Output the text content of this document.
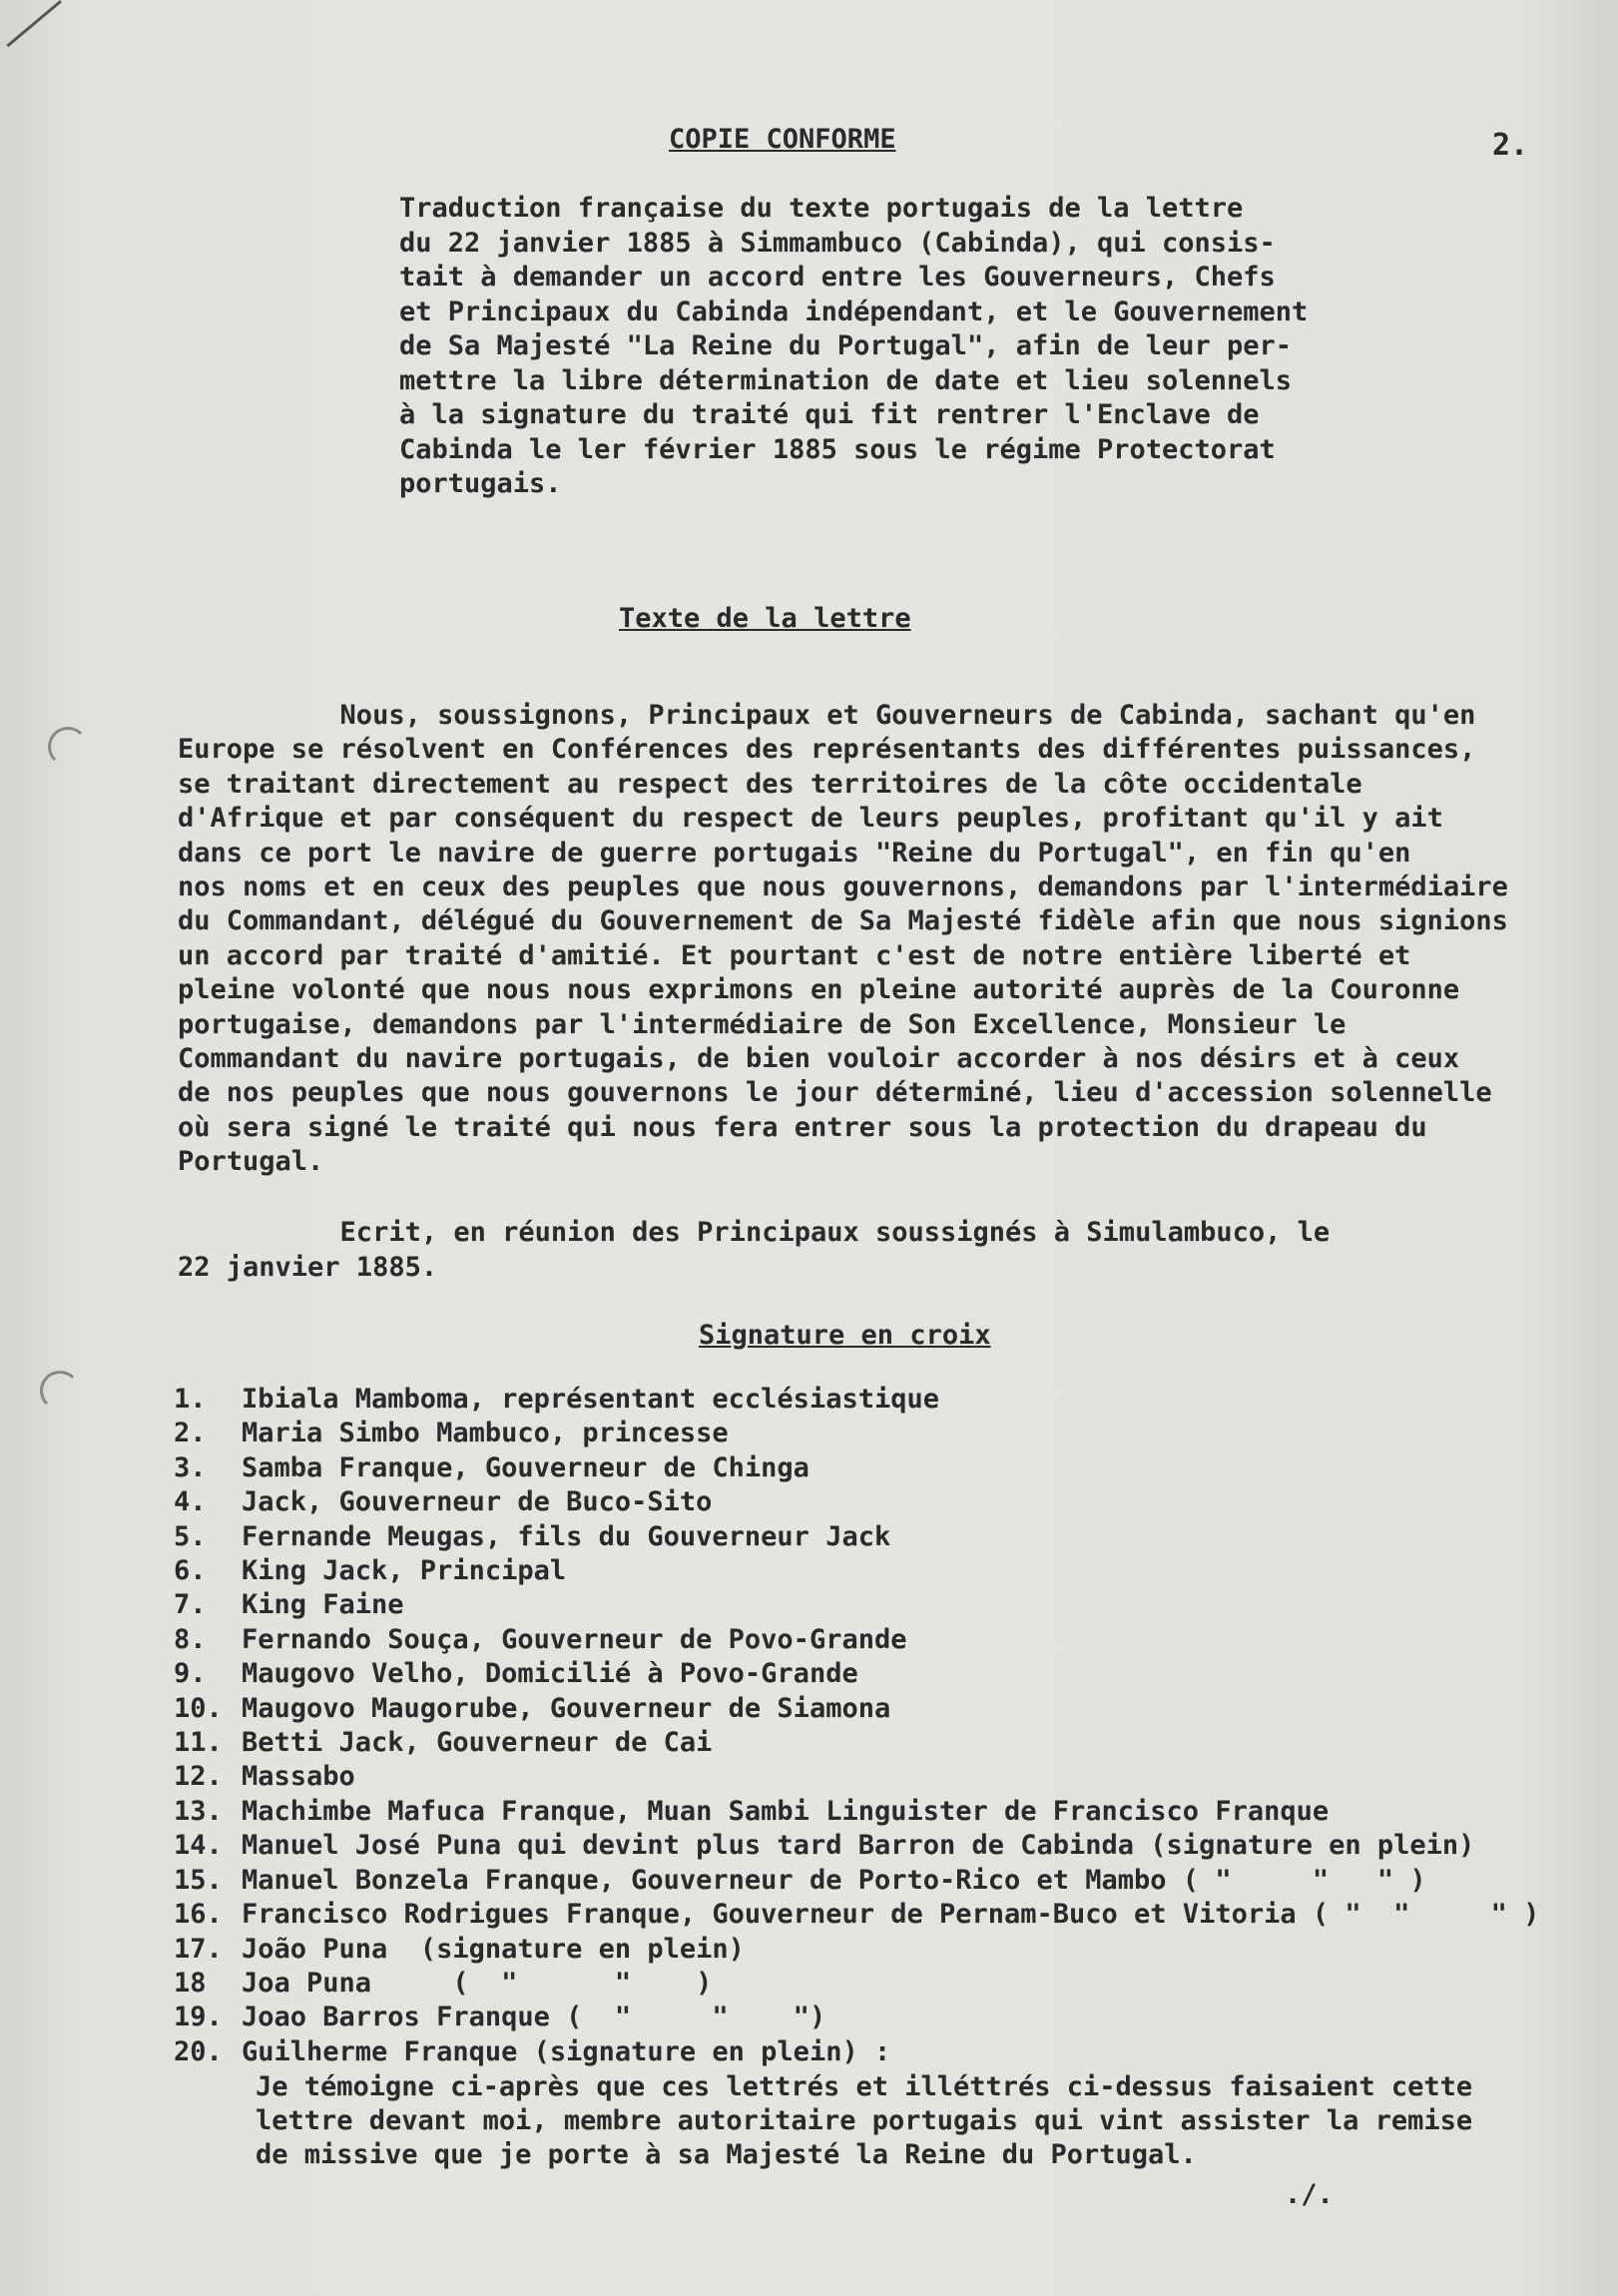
COPIE CONFORME	2.
Traduction française du texte portugais de la lettre
du 22 janvier 1885 à Simmambuco (Cabinda), qui consis-
tait à demander un accord entre les Gouverneurs, Chefs
et Principaux du Cabinda indépendant, et le Gouvernement
de Sa Majesté "La Reine du Portugal", afin de leur per-
mettre la libre détermination de date et lieu solennels
à la signature du traité qui fit rentrer l'Enclave de
Cabinda le ler février 1885 sous le régime Protectorat
portugais.
Texte de la lettre
Nous, soussignons, Principaux et Gouverneurs de Cabinda, sachant qu'en
Europe se résolvent en Conférences des représentants des différentes puissances,
se traitant directement au respect des territoires de la côte occidentale
d'Afrique et par conséquent du respect de leurs peuples, profitant qu'il y ait
dans ce port le navire de guerre portugais "Reine du Portugal", en fin qu'en
nos noms et en ceux des peuples que nous gouvernons, demandons par l'intermédiaire
du Commandant, délégué du Gouvernement de Sa Majesté fidèle afin que nous signions
un accord par traité d'amitié. Et pourtant c'est de notre entière liberté et
pleine volonté que nous nous exprimons en pleine autorité auprès de la Couronne
portugaise, demandons par l'intermédiaire de Son Excellence, Monsieur le
Commandant du navire portugais, de bien vouloir accorder à nos désirs et à ceux
de nos peuples que nous gouvernons le jour déterminé, lieu d'accession solennelle
où sera signé le traité qui nous fera entrer sous la protection du drapeau du
Portugal.
Ecrit, en réunion des Principaux soussignés à Simulambuco, le
22 janvier 1885.
Signature en croix
1.	Ibiala Mamboma, représentant ecclésiastique
2.	Maria Simbo Mambuco, princesse
3.	Samba Franque, Gouverneur de Chinga
4.	Jack, Gouverneur de Buco-Sito
5.	Fernande Meugas, fils du Gouverneur Jack
6.	King Jack, Principal
7.	King Faine
8.	Fernando Souça, Gouverneur de Povo-Grande
9.	Maugovo Velho, Domicilié à Povo-Grande
10. Maugovo Maugorube, Gouverneur de Siamona
11. Betti Jack, Gouverneur de Cai
12. Massabo
13. Machimbe Mafuca Franque, Muan Sambi Linguister de Francisco Franque
14. Manuel José Puna qui devint plus tard Barron de Cabinda (signature en plein)
15. Manuel Bonzela Franque, Gouverneur de Porto-Rico et Mambo ( "     "   " )
16. Francisco Rodrigues Franque, Gouverneur de Pernam-Buco et Vitoria ( "  "     " )
17. João Puna  (signature en plein)
18	Joa Puna     (  "      "    )
19. Joao Barros Franque (  "     "    ")
20. Guilherme Franque (signature en plein) :
Je témoigne ci-après que ces lettrés et illéttrés ci-dessus faisaient cette
lettre devant moi, membre autoritaire portugais qui vint assister la remise
de missive que je porte à sa Majesté la Reine du Portugal.
./.
